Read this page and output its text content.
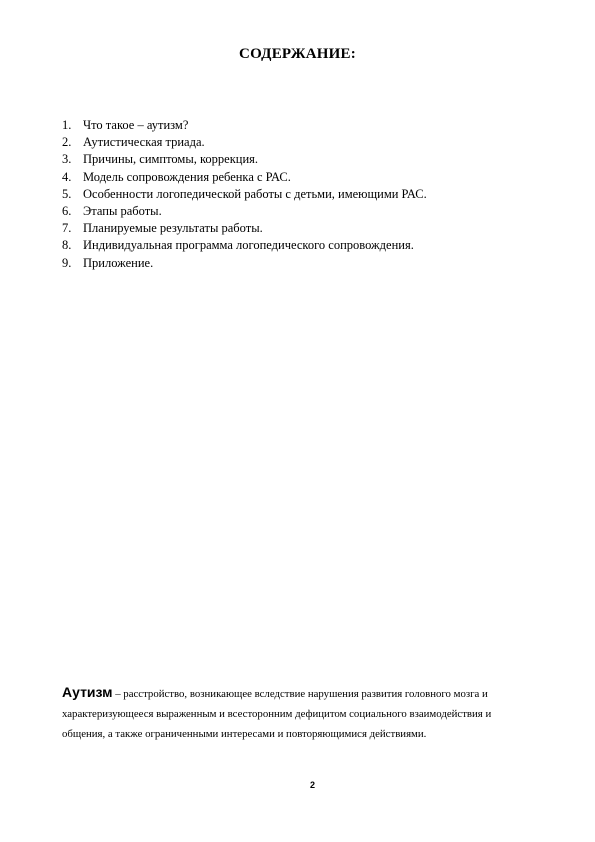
СОДЕРЖАНИЕ:
1. Что такое – аутизм?
2. Аутистическая триада.
3. Причины, симптомы, коррекция.
4. Модель сопровождения ребенка с РАС.
5. Особенности логопедической работы с детьми, имеющими РАС.
6. Этапы работы.
7. Планируемые результаты работы.
8. Индивидуальная программа логопедического сопровождения.
9. Приложение.
Аутизм – расстройство, возникающее вследствие нарушения развития головного мозга и
характеризующееся выраженным и всесторонним дефицитом социального взаимодействия и
общения, а также ограниченными интересами и повторяющимися действиями.
2
